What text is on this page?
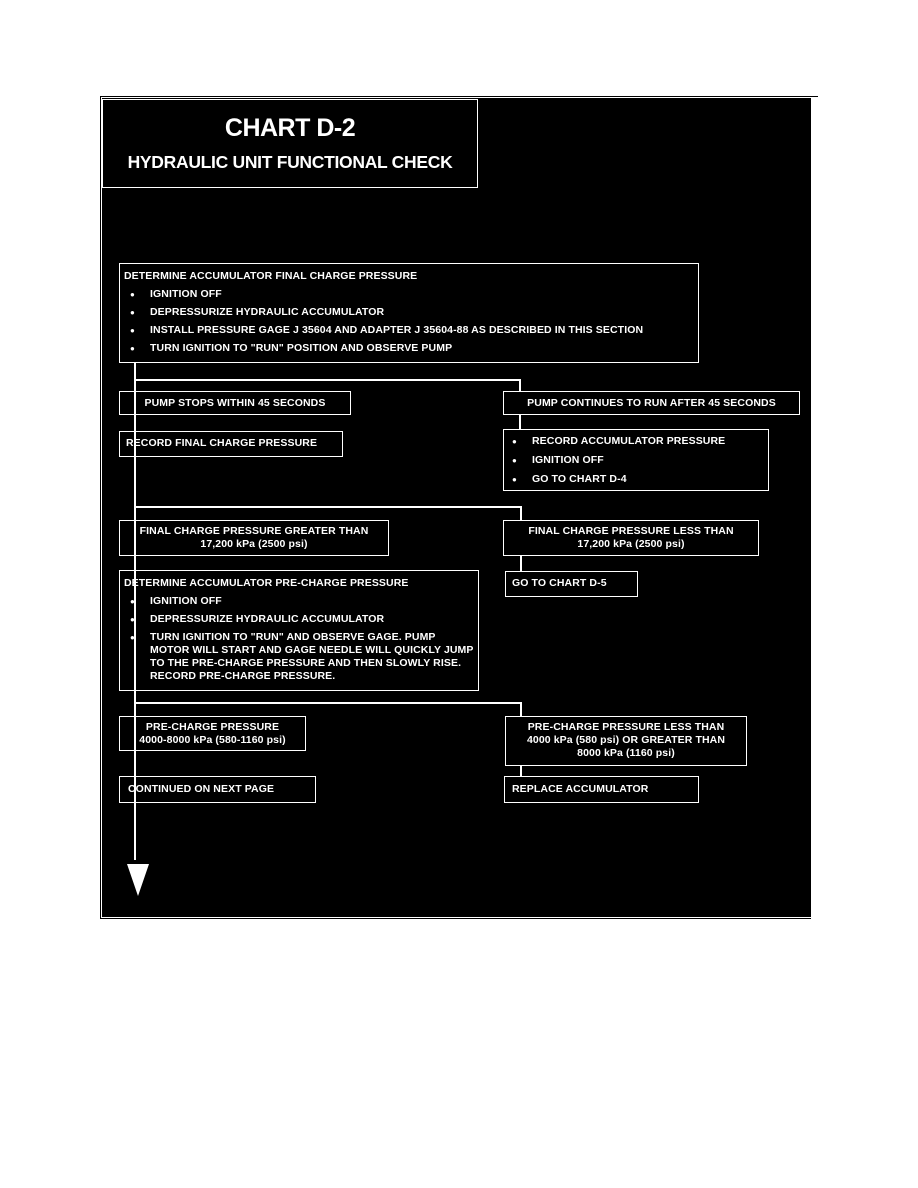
CHART D-2
HYDRAULIC UNIT FUNCTIONAL CHECK
DETERMINE ACCUMULATOR FINAL CHARGE PRESSURE
● IGNITION OFF
● DEPRESSURIZE HYDRAULIC ACCUMULATOR
● INSTALL PRESSURE GAGE J 35604 AND ADAPTER J 35604-88 AS DESCRIBED IN THIS SECTION
● TURN IGNITION TO "RUN" POSITION AND OBSERVE PUMP
PUMP STOPS WITHIN 45 SECONDS	PUMP CONTINUES TO RUN AFTER 45 SECONDS
RECORD FINAL CHARGE PRESSURE	● RECORD ACCUMULATOR PRESSURE
● IGNITION OFF
● GO TO CHART D-4
FINAL CHARGE PRESSURE GREATER THAN
17,200 kPa (2500 psi)
FINAL CHARGE PRESSURE LESS THAN
17,200 kPa (2500 psi)
DETERMINE ACCUMULATOR PRE-CHARGE PRESSURE
● IGNITION OFF
● DEPRESSURIZE HYDRAULIC ACCUMULATOR
● TURN IGNITION TO "RUN" AND OBSERVE GAGE. PUMP MOTOR WILL START AND GAGE NEEDLE WILL QUICKLY JUMP TO THE PRE-CHARGE PRESSURE AND THEN SLOWLY RISE. RECORD PRE-CHARGE PRESSURE.
GO TO CHART D-5
PRE-CHARGE PRESSURE
4000-8000 kPa (580-1160 psi)
PRE-CHARGE PRESSURE LESS THAN
4000 kPa (580 psi) OR GREATER THAN
8000 kPa (1160 psi)
CONTINUED ON NEXT PAGE	REPLACE ACCUMULATOR
